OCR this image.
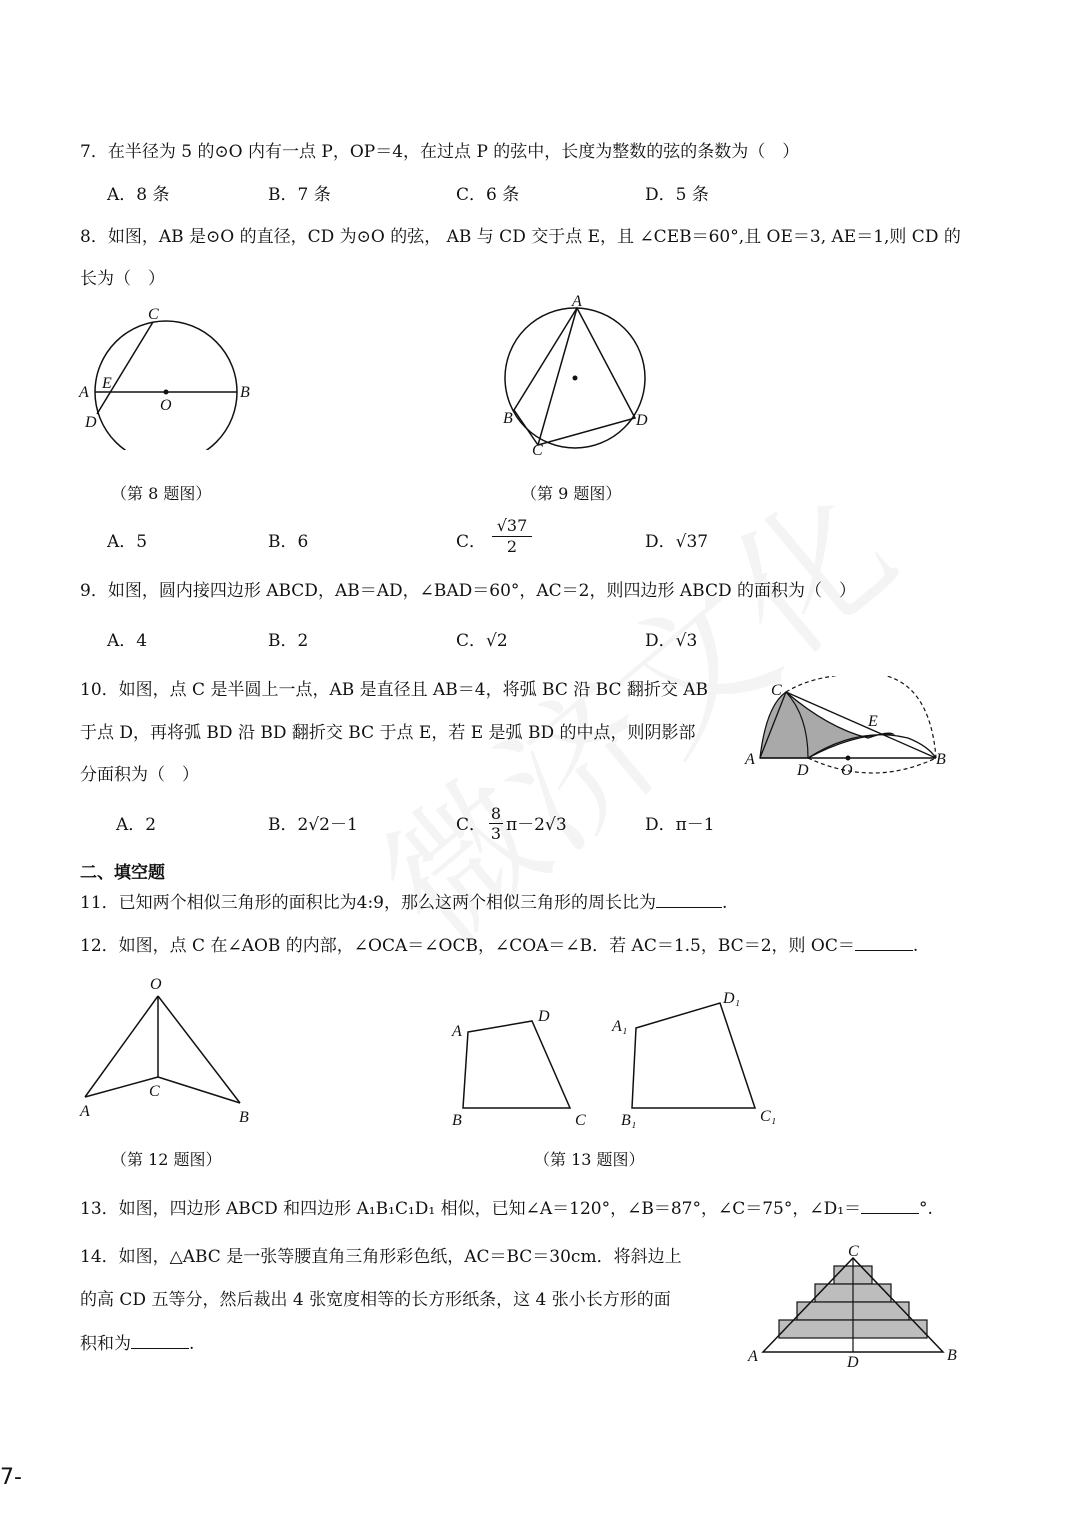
7．在半径为 5 的⊙O 内有一点 P，OP＝4，在过点 P 的弦中，长度为整数的弦的条数为（　）
A．8 条	B．7 条	C．6 条	D．5 条
8．如图，AB 是⊙O 的直径，CD 为⊙O 的弦， AB 与 CD 交于点 E，且 ∠CEB＝60°,且 OE＝3, AE＝1,则 CD 的
长为（　）
C
E
A
O
B
D
（第 8 题图）
A
B
C
D
（第 9 题图）
A．5	B．6	C． $\frac{√37}{2}$	D．√37
9．如图，圆内接四边形 ABCD，AB＝AD，∠BAD＝60°，AC＝2，则四边形 ABCD 的面积为（　）
A．4	B．2	C．√2	D．√3
10．如图，点 C 是半圆上一点，AB 是直径且 AB＝4，将弧 BC 沿 BC 翻折交 AB
于点 D，再将弧 BD 沿 BD 翻折交 BC 于点 E，若 E 是弧 BD 的中点，则阴影部
分面积为（　）
C
E
A
D O
B
A．2	B．2√2－1	C． $\frac{8}{3} \pi-2√3$	D．π－1
二、填空题
11．已知两个相似三角形的面积比为4:9，那么这两个相似三角形的周长比为	.
12．如图，点 C 在∠AOB 的内部，∠OCA＝∠OCB，∠COA＝∠B．若 AC＝1.5，BC＝2，则 OC＝	.
O
C
A	B
（第 12 题图）
A
D
B	C
A₁
D₁
B₁	C₁
（第 13 题图）
13．如图，四边形 ABCD 和四边形 A₁B₁C₁D₁ 相似，已知∠A＝120°，∠B＝87°，∠C＝75°，∠D₁＝	°.
14．如图，△ABC 是一张等腰直角三角形彩色纸，AC＝BC＝30cm．将斜边上
的高 CD 五等分，然后裁出 4 张宽度相等的长方形纸条，这 4 张小长方形的面
积和为	.
C
A	D	B
7-
